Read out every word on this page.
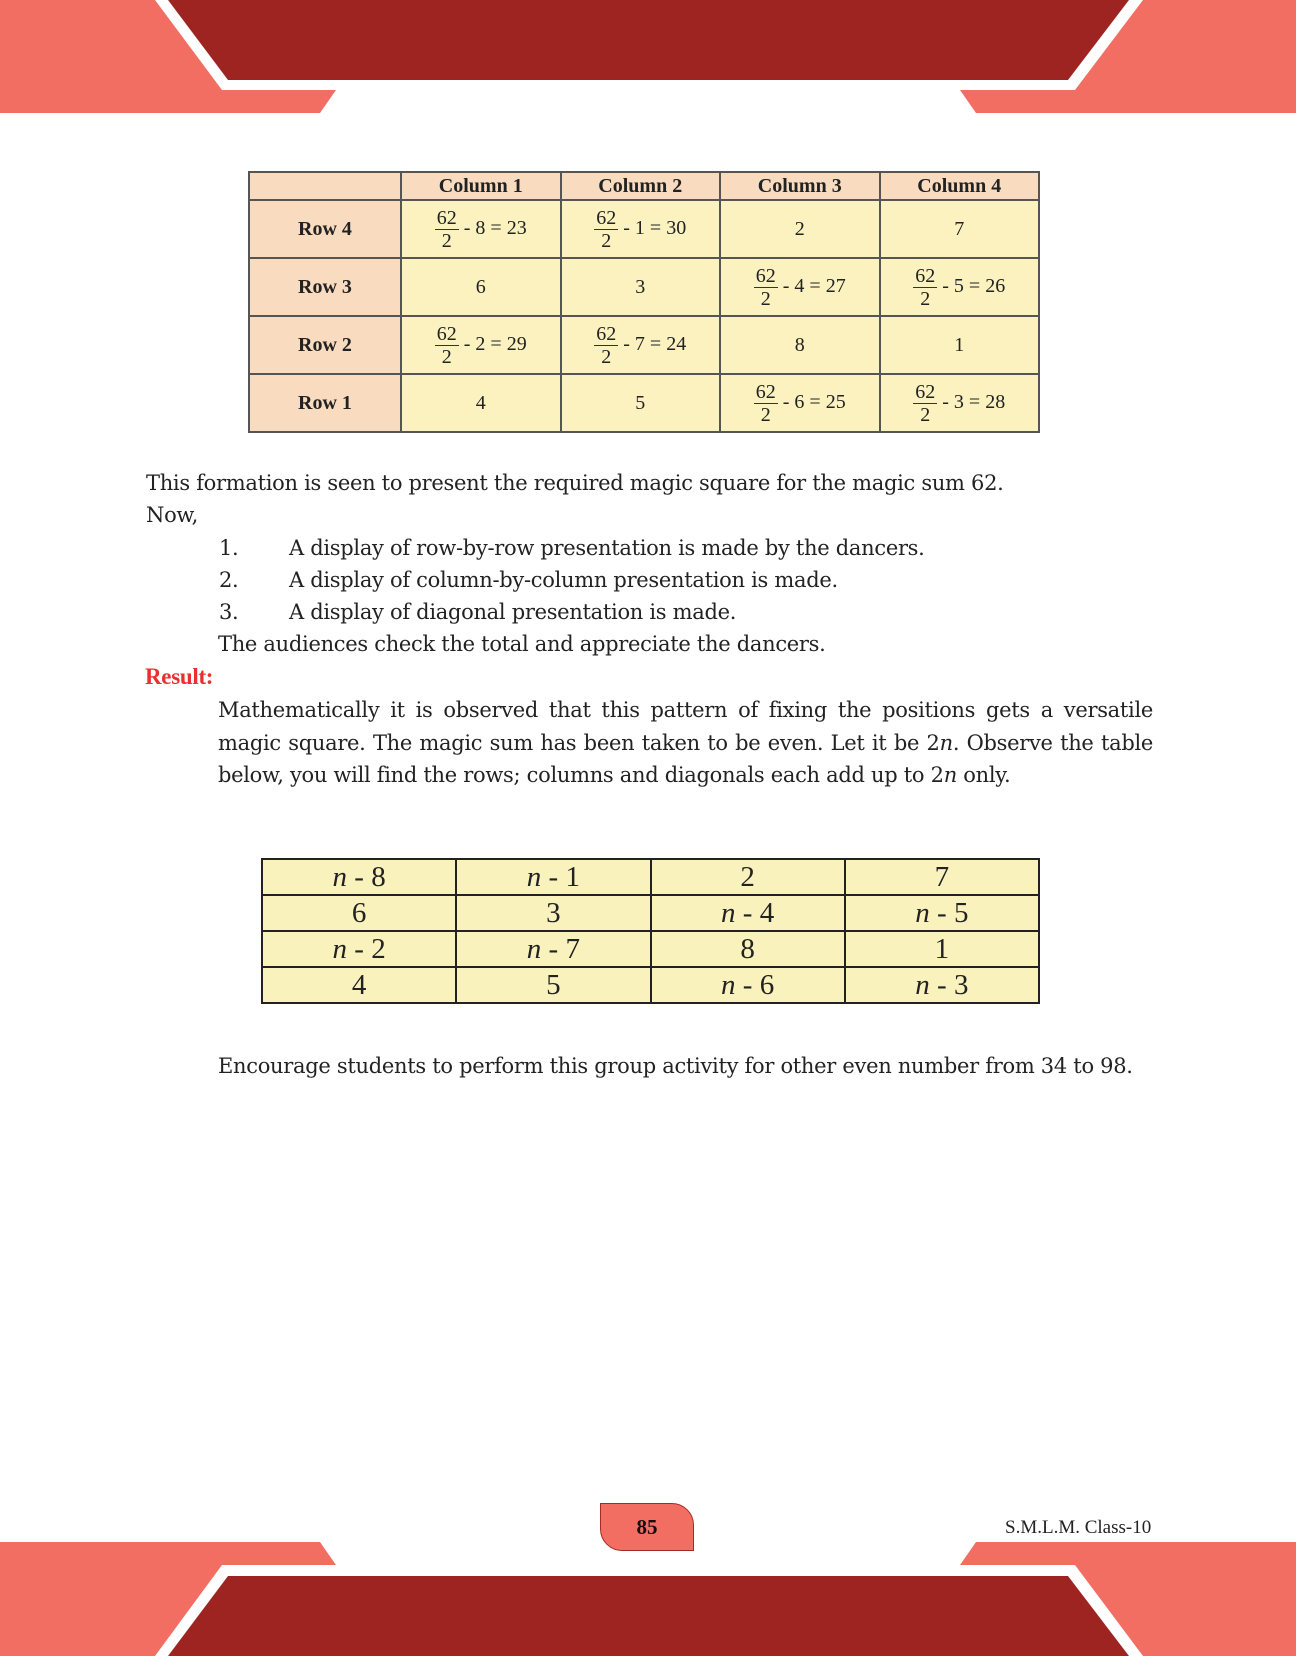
	Column 1	Column 2	Column 3	Column 4
Row 4	$\frac{62}{2} - 8 = 23$	$\frac{62}{2} - 1 = 30$	2	7
Row 3	6	3	$\frac{62}{2} - 4 = 27$	$\frac{62}{2} - 5 = 26$
Row 2	$\frac{62}{2} - 2 = 29$	$\frac{62}{2} - 7 = 24$	8	1
Row 1	4	5	$\frac{62}{2} - 6 = 25$	$\frac{62}{2} - 3 = 28$
This formation is seen to present the required magic square for the magic sum 62.
Now,
1. A display of row-by-row presentation is made by the dancers.
2. A display of column-by-column presentation is made.
3. A display of diagonal presentation is made.
The audiences check the total and appreciate the dancers.
Result:
Mathematically it is observed that this pattern of fixing the positions gets a versatile magic square. The magic sum has been taken to be even. Let it be 2n. Observe the table below, you will find the rows; columns and diagonals each add up to 2n only.
n - 8	n - 1	2	7
6	3	n - 4	n - 5
n - 2	n - 7	8	1
4	5	n - 6	n - 3
Encourage students to perform this group activity for other even number from 34 to 98.
85	S.M.L.M. Class-10
